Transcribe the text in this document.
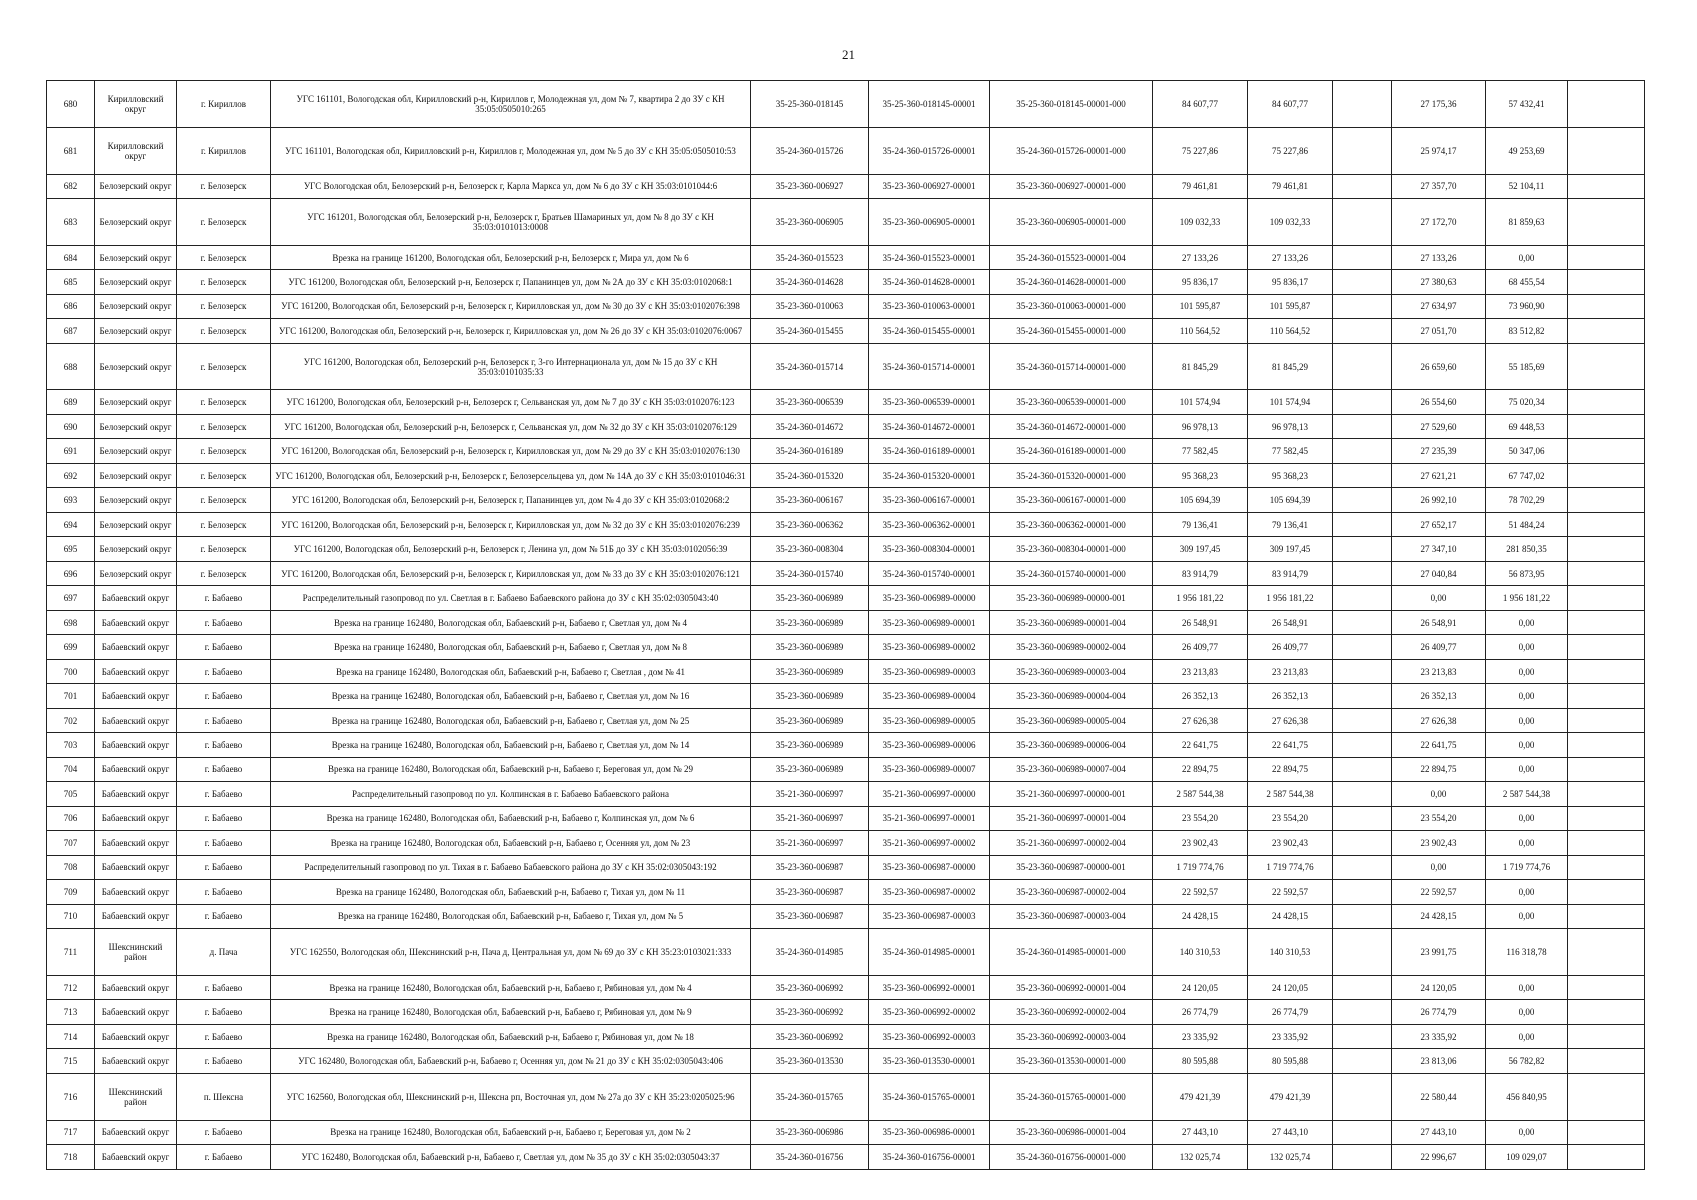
21
680	Кирилловский округ	г. Кириллов	УГС 161101, Вологодская обл, Кирилловский р-н, Кириллов г, Молодежная ул, дом № 7, квартира 2 до ЗУ с КН 35:05:0505010:265	35-25-360-018145	35-25-360-018145-00001	35-25-360-018145-00001-000	84 607,77	84 607,77		27 175,36	57 432,41	
681	Кирилловский округ	г. Кириллов	УГС 161101, Вологодская обл, Кирилловский р-н, Кириллов г, Молодежная ул, дом № 5 до ЗУ с КН 35:05:0505010:53	35-24-360-015726	35-24-360-015726-00001	35-24-360-015726-00001-000	75 227,86	75 227,86		25 974,17	49 253,69	
682	Белозерский округ	г. Белозерск	УГС Вологодская обл, Белозерский р-н, Белозерск г, Карла Маркса ул, дом № 6 до ЗУ с КН 35:03:0101044:6	35-23-360-006927	35-23-360-006927-00001	35-23-360-006927-00001-000	79 461,81	79 461,81		27 357,70	52 104,11	
683	Белозерский округ	г. Белозерск	УГС 161201, Вологодская обл, Белозерский р-н, Белозерск г, Братьев Шамариных ул, дом № 8 до ЗУ с КН 35:03:0101013:0008	35-23-360-006905	35-23-360-006905-00001	35-23-360-006905-00001-000	109 032,33	109 032,33		27 172,70	81 859,63	
684	Белозерский округ	г. Белозерск	Врезка на границе 161200, Вологодская обл, Белозерский р-н, Белозерск г, Мира ул, дом № 6	35-24-360-015523	35-24-360-015523-00001	35-24-360-015523-00001-004	27 133,26	27 133,26		27 133,26	0,00	
685	Белозерский округ	г. Белозерск	УГС 161200, Вологодская обл, Белозерский р-н, Белозерск г, Папанинцев ул, дом № 2А до ЗУ с КН 35:03:0102068:1	35-24-360-014628	35-24-360-014628-00001	35-24-360-014628-00001-000	95 836,17	95 836,17		27 380,63	68 455,54	
686	Белозерский округ	г. Белозерск	УГС 161200, Вологодская обл, Белозерский р-н, Белозерск г, Кирилловская ул, дом № 30 до ЗУ с КН 35:03:0102076:398	35-23-360-010063	35-23-360-010063-00001	35-23-360-010063-00001-000	101 595,87	101 595,87		27 634,97	73 960,90	
687	Белозерский округ	г. Белозерск	УГС 161200, Вологодская обл, Белозерский р-н, Белозерск г, Кирилловская ул, дом № 26 до ЗУ с КН 35:03:0102076:0067	35-24-360-015455	35-24-360-015455-00001	35-24-360-015455-00001-000	110 564,52	110 564,52		27 051,70	83 512,82	
688	Белозерский округ	г. Белозерск	УГС 161200, Вологодская обл, Белозерский р-н, Белозерск г, 3-го Интернационала ул, дом № 15 до ЗУ с КН 35:03:0101035:33	35-24-360-015714	35-24-360-015714-00001	35-24-360-015714-00001-000	81 845,29	81 845,29		26 659,60	55 185,69	
689	Белозерский округ	г. Белозерск	УГС 161200, Вологодская обл, Белозерский р-н, Белозерск г, Сельванская ул, дом № 7 до ЗУ с КН 35:03:0102076:123	35-23-360-006539	35-23-360-006539-00001	35-23-360-006539-00001-000	101 574,94	101 574,94		26 554,60	75 020,34	
690	Белозерский округ	г. Белозерск	УГС 161200, Вологодская обл, Белозерский р-н, Белозерск г, Сельванская ул, дом № 32 до ЗУ с КН 35:03:0102076:129	35-24-360-014672	35-24-360-014672-00001	35-24-360-014672-00001-000	96 978,13	96 978,13		27 529,60	69 448,53	
691	Белозерский округ	г. Белозерск	УГС 161200, Вологодская обл, Белозерский р-н, Белозерск г, Кирилловская ул, дом № 29 до ЗУ с КН 35:03:0102076:130	35-24-360-016189	35-24-360-016189-00001	35-24-360-016189-00001-000	77 582,45	77 582,45		27 235,39	50 347,06	
692	Белозерский округ	г. Белозерск	УГС 161200, Вологодская обл, Белозерский р-н, Белозерск г, Белозерсельцева ул, дом № 14А до ЗУ с КН 35:03:0101046:31	35-24-360-015320	35-24-360-015320-00001	35-24-360-015320-00001-000	95 368,23	95 368,23		27 621,21	67 747,02	
693	Белозерский округ	г. Белозерск	УГС 161200, Вологодская обл, Белозерский р-н, Белозерск г, Папанинцев ул, дом № 4 до ЗУ с КН 35:03:0102068:2	35-23-360-006167	35-23-360-006167-00001	35-23-360-006167-00001-000	105 694,39	105 694,39		26 992,10	78 702,29	
694	Белозерский округ	г. Белозерск	УГС 161200, Вологодская обл, Белозерский р-н, Белозерск г, Кирилловская ул, дом № 32 до ЗУ с КН 35:03:0102076:239	35-23-360-006362	35-23-360-006362-00001	35-23-360-006362-00001-000	79 136,41	79 136,41		27 652,17	51 484,24	
695	Белозерский округ	г. Белозерск	УГС 161200, Вологодская обл, Белозерский р-н, Белозерск г, Ленина ул, дом № 51Б до ЗУ с КН 35:03:0102056:39	35-23-360-008304	35-23-360-008304-00001	35-23-360-008304-00001-000	309 197,45	309 197,45		27 347,10	281 850,35	
696	Белозерский округ	г. Белозерск	УГС 161200, Вологодская обл, Белозерский р-н, Белозерск г, Кирилловская ул, дом № 33 до ЗУ с КН 35:03:0102076:121	35-24-360-015740	35-24-360-015740-00001	35-24-360-015740-00001-000	83 914,79	83 914,79		27 040,84	56 873,95	
697	Бабаевский округ	г. Бабаево	Распределительный газопровод по ул. Светлая в г. Бабаево Бабаевского района до ЗУ с КН 35:02:0305043:40	35-23-360-006989	35-23-360-006989-00000	35-23-360-006989-00000-001	1 956 181,22	1 956 181,22		0,00	1 956 181,22	
698	Бабаевский округ	г. Бабаево	Врезка на границе 162480, Вологодская обл, Бабаевский р-н, Бабаево г, Светлая ул, дом № 4	35-23-360-006989	35-23-360-006989-00001	35-23-360-006989-00001-004	26 548,91	26 548,91		26 548,91	0,00	
699	Бабаевский округ	г. Бабаево	Врезка на границе 162480, Вологодская обл, Бабаевский р-н, Бабаево г, Светлая ул, дом № 8	35-23-360-006989	35-23-360-006989-00002	35-23-360-006989-00002-004	26 409,77	26 409,77		26 409,77	0,00	
700	Бабаевский округ	г. Бабаево	Врезка на границе 162480, Вологодская обл, Бабаевский р-н, Бабаево г, Светлая , дом № 41	35-23-360-006989	35-23-360-006989-00003	35-23-360-006989-00003-004	23 213,83	23 213,83		23 213,83	0,00	
701	Бабаевский округ	г. Бабаево	Врезка на границе 162480, Вологодская обл, Бабаевский р-н, Бабаево г, Светлая ул, дом № 16	35-23-360-006989	35-23-360-006989-00004	35-23-360-006989-00004-004	26 352,13	26 352,13		26 352,13	0,00	
702	Бабаевский округ	г. Бабаево	Врезка на границе 162480, Вологодская обл, Бабаевский р-н, Бабаево г, Светлая ул, дом № 25	35-23-360-006989	35-23-360-006989-00005	35-23-360-006989-00005-004	27 626,38	27 626,38		27 626,38	0,00	
703	Бабаевский округ	г. Бабаево	Врезка на границе 162480, Вологодская обл, Бабаевский р-н, Бабаево г, Светлая ул, дом № 14	35-23-360-006989	35-23-360-006989-00006	35-23-360-006989-00006-004	22 641,75	22 641,75		22 641,75	0,00	
704	Бабаевский округ	г. Бабаево	Врезка на границе 162480, Вологодская обл, Бабаевский р-н, Бабаево г, Береговая ул, дом № 29	35-23-360-006989	35-23-360-006989-00007	35-23-360-006989-00007-004	22 894,75	22 894,75		22 894,75	0,00	
705	Бабаевский округ	г. Бабаево	Распределительный газопровод по ул. Колпинская в г. Бабаево Бабаевского района	35-21-360-006997	35-21-360-006997-00000	35-21-360-006997-00000-001	2 587 544,38	2 587 544,38		0,00	2 587 544,38	
706	Бабаевский округ	г. Бабаево	Врезка на границе 162480, Вологодская обл, Бабаевский р-н, Бабаево г, Колпинская ул, дом № 6	35-21-360-006997	35-21-360-006997-00001	35-21-360-006997-00001-004	23 554,20	23 554,20		23 554,20	0,00	
707	Бабаевский округ	г. Бабаево	Врезка на границе 162480, Вологодская обл, Бабаевский р-н, Бабаево г, Осенняя ул, дом № 23	35-21-360-006997	35-21-360-006997-00002	35-21-360-006997-00002-004	23 902,43	23 902,43		23 902,43	0,00	
708	Бабаевский округ	г. Бабаево	Распределительный газопровод по ул. Тихая в г. Бабаево Бабаевского района до ЗУ с КН 35:02:0305043:192	35-23-360-006987	35-23-360-006987-00000	35-23-360-006987-00000-001	1 719 774,76	1 719 774,76		0,00	1 719 774,76	
709	Бабаевский округ	г. Бабаево	Врезка на границе 162480, Вологодская обл, Бабаевский р-н, Бабаево г, Тихая ул, дом № 11	35-23-360-006987	35-23-360-006987-00002	35-23-360-006987-00002-004	22 592,57	22 592,57		22 592,57	0,00	
710	Бабаевский округ	г. Бабаево	Врезка на границе 162480, Вологодская обл, Бабаевский р-н, Бабаево г, Тихая ул, дом № 5	35-23-360-006987	35-23-360-006987-00003	35-23-360-006987-00003-004	24 428,15	24 428,15		24 428,15	0,00	
711	Шекснинский район	д. Пача	УГС 162550, Вологодская обл, Шекснинский р-н, Пача д, Центральная ул, дом № 69 до ЗУ с КН 35:23:0103021:333	35-24-360-014985	35-24-360-014985-00001	35-24-360-014985-00001-000	140 310,53	140 310,53		23 991,75	116 318,78	
712	Бабаевский округ	г. Бабаево	Врезка на границе 162480, Вологодская обл, Бабаевский р-н, Бабаево г, Рябиновая ул, дом № 4	35-23-360-006992	35-23-360-006992-00001	35-23-360-006992-00001-004	24 120,05	24 120,05		24 120,05	0,00	
713	Бабаевский округ	г. Бабаево	Врезка на границе 162480, Вологодская обл, Бабаевский р-н, Бабаево г, Рябиновая ул, дом № 9	35-23-360-006992	35-23-360-006992-00002	35-23-360-006992-00002-004	26 774,79	26 774,79		26 774,79	0,00	
714	Бабаевский округ	г. Бабаево	Врезка на границе 162480, Вологодская обл, Бабаевский р-н, Бабаево г, Рябиновая ул, дом № 18	35-23-360-006992	35-23-360-006992-00003	35-23-360-006992-00003-004	23 335,92	23 335,92		23 335,92	0,00	
715	Бабаевский округ	г. Бабаево	УГС 162480, Вологодская обл, Бабаевский р-н, Бабаево г, Осенняя ул, дом № 21 до ЗУ с КН 35:02:0305043:406	35-23-360-013530	35-23-360-013530-00001	35-23-360-013530-00001-000	80 595,88	80 595,88		23 813,06	56 782,82	
716	Шекснинский район	п. Шексна	УГС 162560, Вологодская обл, Шекснинский р-н, Шексна рп, Восточная ул, дом № 27а до ЗУ с КН 35:23:0205025:96	35-24-360-015765	35-24-360-015765-00001	35-24-360-015765-00001-000	479 421,39	479 421,39		22 580,44	456 840,95	
717	Бабаевский округ	г. Бабаево	Врезка на границе 162480, Вологодская обл, Бабаевский р-н, Бабаево г, Береговая ул, дом № 2	35-23-360-006986	35-23-360-006986-00001	35-23-360-006986-00001-004	27 443,10	27 443,10		27 443,10	0,00	
718	Бабаевский округ	г. Бабаево	УГС 162480, Вологодская обл, Бабаевский р-н, Бабаево г, Светлая ул, дом № 35 до ЗУ с КН 35:02:0305043:37	35-24-360-016756	35-24-360-016756-00001	35-24-360-016756-00001-000	132 025,74	132 025,74		22 996,67	109 029,07	
